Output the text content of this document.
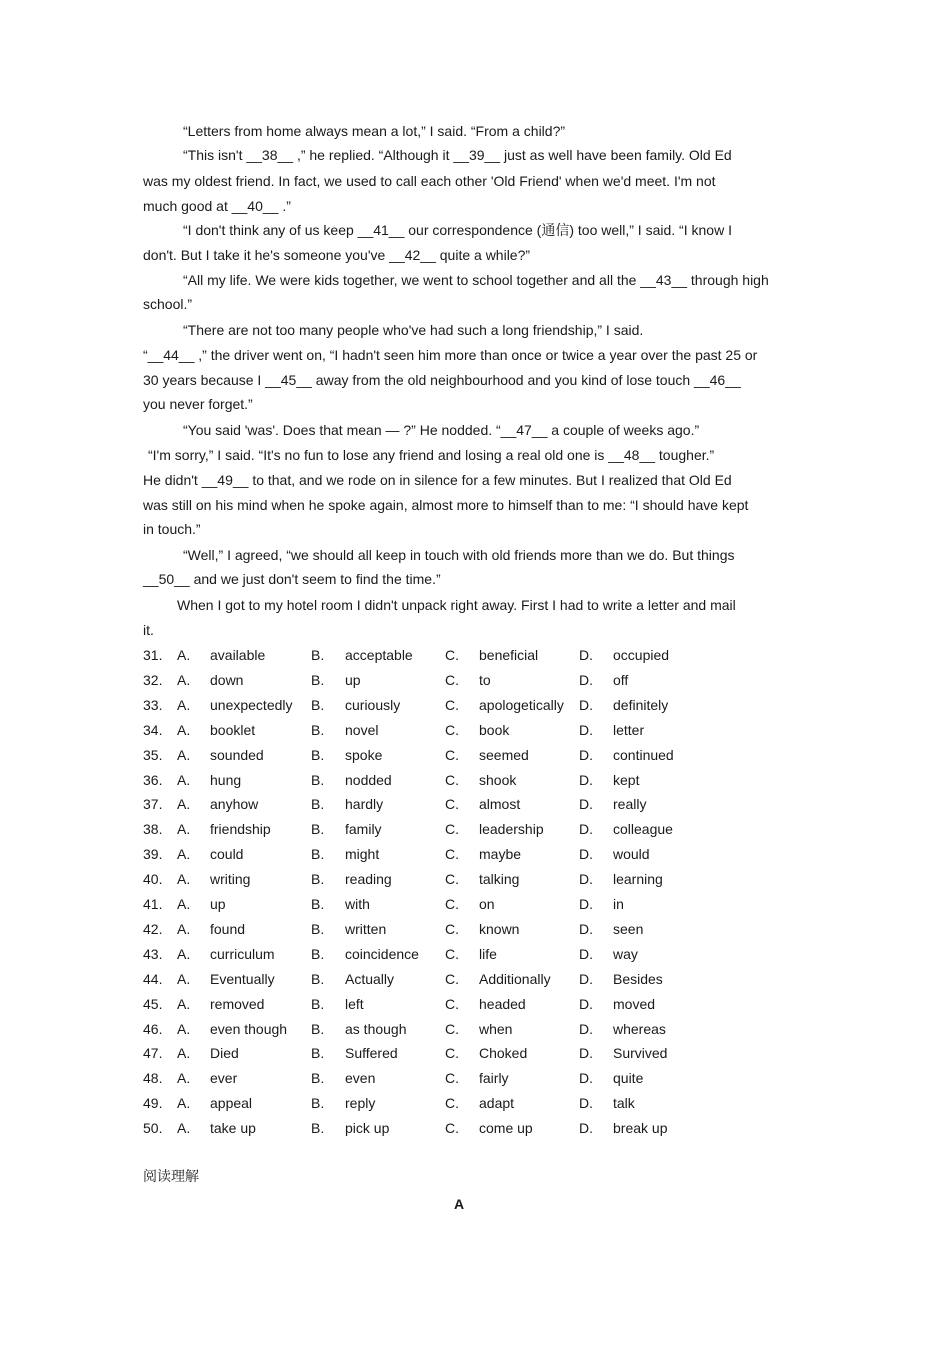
“Letters from home always mean a lot,” I said. “From a child?”
“This isn't __38__ ,” he replied. “Although it __39__ just as well have been family. Old Ed
was my oldest friend. In fact, we used to call each other 'Old Friend' when we'd meet. I'm not
much good at __40__ .”
“I don't think any of us keep __41__ our correspondence (通信) too well,” I said. “I know I
don't. But I take it he's someone you've __42__ quite a while?”
“All my life. We were kids together, we went to school together and all the __43__ through high
school.”
“There are not too many people who've had such a long friendship,” I said.
“__44__ ,” the driver went on, “I hadn't seen him more than once or twice a year over the past 25 or
30 years because I __45__ away from the old neighbourhood and you kind of lose touch __46__
you never forget.”
“You said 'was'. Does that mean — ?” He nodded. “__47__ a couple of weeks ago.”
“I'm sorry,” I said. “It's no fun to lose any friend and losing a real old one is __48__ tougher.”
He didn't __49__ to that, and we rode on in silence for a few minutes. But I realized that Old Ed
was still on his mind when he spoke again, almost more to himself than to me: “I should have kept
in touch.”
“Well,” I agreed, “we should all keep in touch with old friends more than we do. But things
__50__ and we just don't seem to find the time.”
When I got to my hotel room I didn't unpack right away. First I had to write a letter and mail
it.
31. A. available	B. acceptable C. beneficial	D. occupied
32. A. down	B. up	C. to	D. off
33. A. unexpectedly B. curiously	C. apologetically D. definitely
34. A. booklet	B. novel	C. book	D. letter
35. A. sounded	B. spoke	C. seemed	D. continued
36. A. hung	B. nodded	C. shook	D. kept
37. A. anyhow	B. hardly	C. almost	D. really
38. A. friendship	B. family	C. leadership	D. colleague
39. A. could	B. might	C. maybe	D. would
40. A. writing	B. reading	C. talking	D. learning
41. A. up	B. with	C. on	D. in
42. A. found	B. written	C. known	D. seen
43. A. curriculum	B. coincidence C. life	D. way
44. A. Eventually	B. Actually	C. Additionally D. Besides
45. A. removed	B. left	C. headed	D. moved
46. A. even though B. as though	C. when	D. whereas
47. A. Died	B. Suffered	C. Choked	D. Survived
48. A. ever	B. even	C. fairly	D. quite
49. A. appeal	B. reply	C. adapt	D. talk
50. A. take up	B. pick up	C. come up	D. break up
阅读理解
A
